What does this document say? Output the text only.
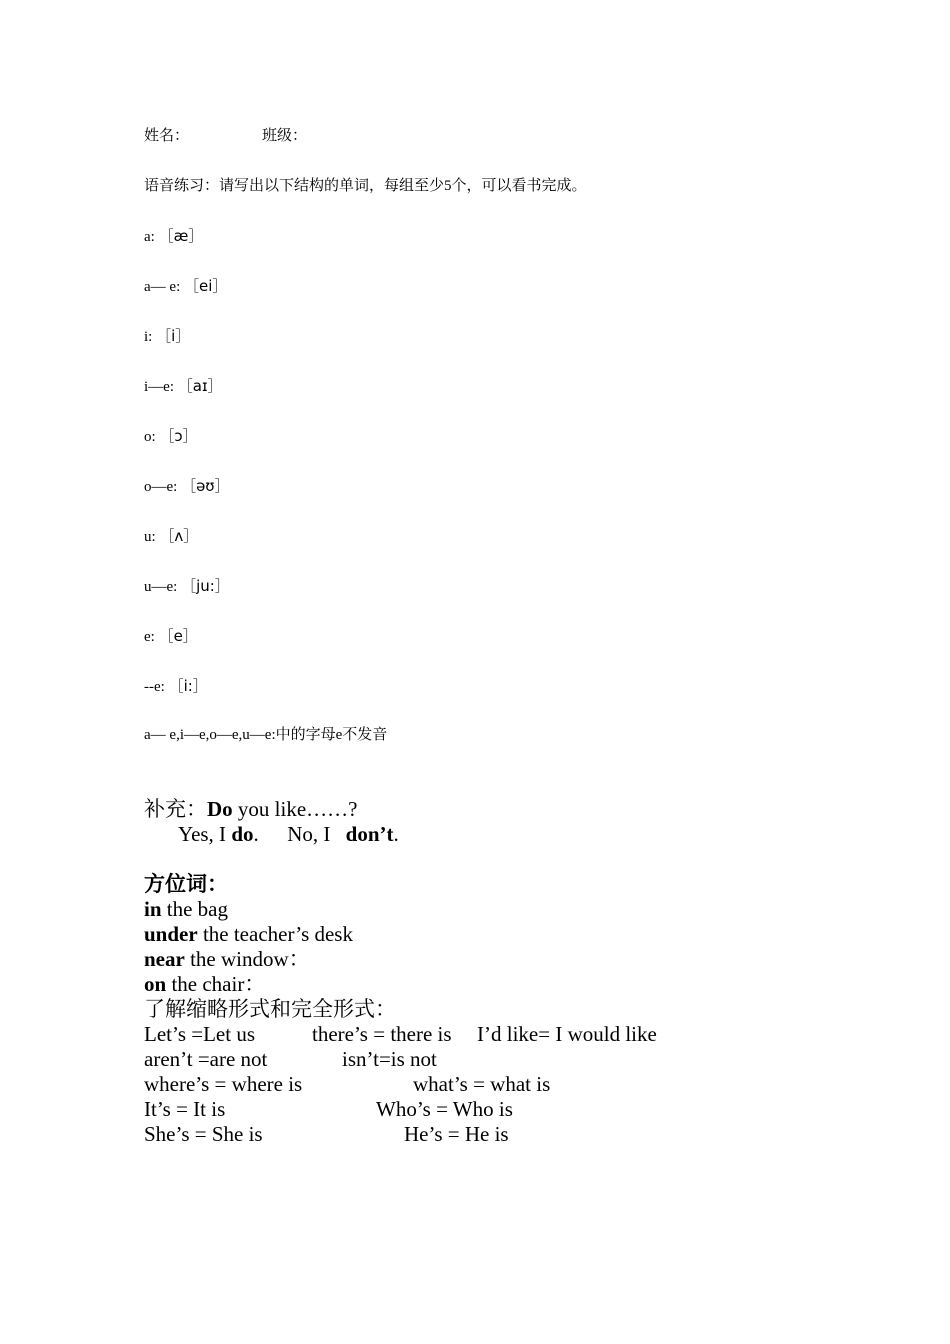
姓名：	班级：
语音练习：请写出以下结构的单词，每组至少5个，可以看书完成。
a: ［æ］
a— e: ［ei］
i: ［i］
i—e: ［aɪ］
o: ［ɔ］
o—e: ［əʊ］
u: ［ʌ］
u—e: ［ju:］
e: ［e］
--e: ［i:］
a— e,i—e,o—e,u—e:中的字母e不发音
补充：Do you like……?
Yes, I do. No, I don’t.
方位词：
in the bag
under the teacher’s desk
near the window：
on the chair：
了解缩略形式和完全形式：
Let’s =Let us	there’s = there is I’d like= I would like
aren’t =are not	isn’t=is not
where’s = where is	what’s = what is
It’s = It is	Who’s = Who is
She’s = She is	He’s = He is
